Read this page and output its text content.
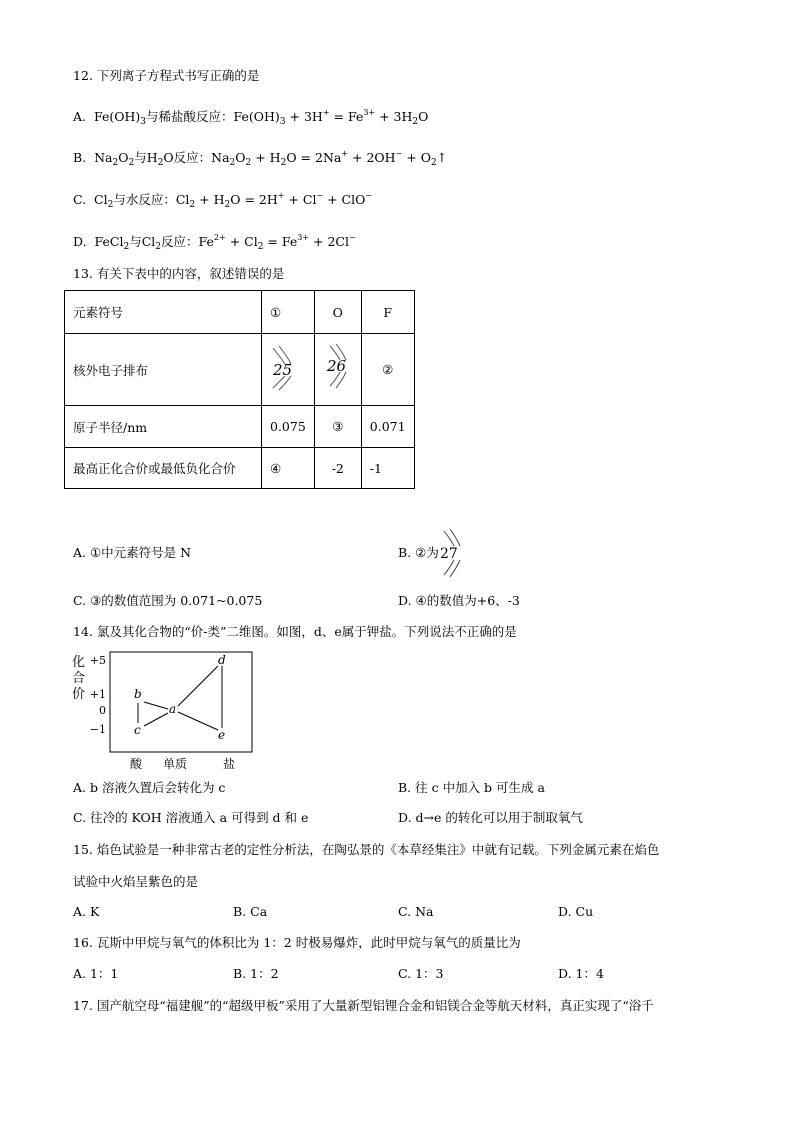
12. 下列离子方程式书写正确的是
A.  $Fe(OH)_3$与稀盐酸反应：$Fe(OH)_3 + 3H^+ = Fe^{3+} + 3H_2O$
B.  $Na_2O_2$与$H_2O$反应：$Na_2O_2 + H_2O = 2Na^+ + 2OH^-$ + $O_2↑$
C.  $Cl_2$与水反应：$Cl_2 + H_2O = 2H^+ + Cl^- + ClO^-$
D.  FeCl$_2$与$Cl_2$反应：$Fe^{2+} + Cl_2 = Fe^{3+} + 2Cl^-$
13. 有关下表中的内容，叙述错误的是
元素符号	①	O	F
核外电子排布	25	26	②
原子半径/nm	0.075	③	0.071
最高正化合价或最低负化合价	④	-2	-1
A. ①中元素符号是 N	B. ②为 27
C. ③的数值范围为 0.071~0.075	D. ④的数值为+6、-3
14. 氯及其化合物的“价-类”二维图。如图，d、e属于钾盐。下列说法不正确的是
化
合
价
+5
+1
0
−1
b
c
a
d
e
酸 单质	盐
A. b 溶液久置后会转化为 c	B. 往 c 中加入 b 可生成 a
C. 往冷的 KOH 溶液通入 a 可得到 d 和 e	D. d→e 的转化可以用于制取氧气
15. 焰色试验是一种非常古老的定性分析法，在陶弘景的《本草经集注》中就有记载。下列金属元素在焰色
试验中火焰呈紫色的是
A. K	B. Ca	C. Na	D. Cu
16. 瓦斯中甲烷与氧气的体积比为 1：2 时极易爆炸，此时甲烷与氧气的质量比为
A. 1：1	B. 1：2	C. 1：3	D. 1：4
17. 国产航空母“福建舰”的“超级甲板”采用了大量新型铝锂合金和铝镁合金等航天材料，真正实现了“浴千
